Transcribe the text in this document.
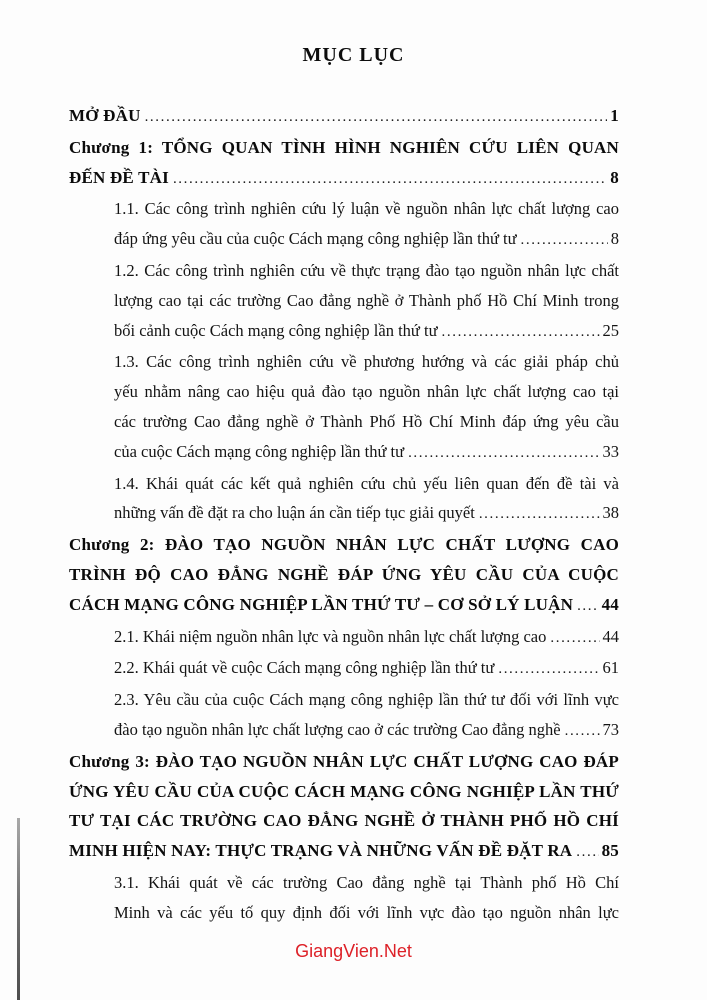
MỤC LỤC
MỞ ĐẦU .....	1
Chương 1: TỔNG QUAN TÌNH HÌNH NGHIÊN CỨU LIÊN QUAN
ĐẾN ĐỀ TÀI .....	8
1.1. Các công trình nghiên cứu lý luận về nguồn nhân lực chất lượng cao
đáp ứng yêu cầu của cuộc Cách mạng công nghiệp lần thứ tư .....	8
1.2. Các công trình nghiên cứu về thực trạng đào tạo nguồn nhân lực chất
lượng cao tại các trường Cao đẳng nghề ở Thành phố Hồ Chí Minh trong
bối cảnh cuộc Cách mạng công nghiệp lần thứ tư .....	25
1.3. Các công trình nghiên cứu về phương hướng và các giải pháp chủ
yếu nhằm nâng cao hiệu quả đào tạo nguồn nhân lực chất lượng cao tại
các trường Cao đẳng nghề ở Thành Phố Hồ Chí Minh đáp ứng yêu cầu
của cuộc Cách mạng công nghiệp lần thứ tư .....	33
1.4. Khái quát các kết quả nghiên cứu chủ yếu liên quan đến đề tài và
những vấn đề đặt ra cho luận án cần tiếp tục giải quyết .....	38
Chương 2: ĐÀO TẠO NGUỒN NHÂN LỰC CHẤT LƯỢNG CAO
TRÌNH ĐỘ CAO ĐẲNG NGHỀ ĐÁP ỨNG YÊU CẦU CỦA CUỘC
CÁCH MẠNG CÔNG NGHIỆP LẦN THỨ TƯ – CƠ SỞ LÝ LUẬN ..... 44
2.1. Khái niệm nguồn nhân lực và nguồn nhân lực chất lượng cao .....	44
2.2. Khái quát về cuộc Cách mạng công nghiệp lần thứ tư .....	61
2.3. Yêu cầu của cuộc Cách mạng công nghiệp lần thứ tư đối với lĩnh vực
đào tạo nguồn nhân lực chất lượng cao ở các trường Cao đẳng nghề .....	73
Chương 3: ĐÀO TẠO NGUỒN NHÂN LỰC CHẤT LƯỢNG CAO ĐÁP
ỨNG YÊU CẦU CỦA CUỘC CÁCH MẠNG CÔNG NGHIỆP LẦN THỨ
TƯ TẠI CÁC TRƯỜNG CAO ĐẲNG NGHỀ Ở THÀNH PHỐ HỒ CHÍ
MINH HIỆN NAY: THỰC TRẠNG VÀ NHỮNG VẤN ĐỀ ĐẶT RA ..... 85
3.1. Khái quát về các trường Cao đẳng nghề tại Thành phố Hồ Chí
Minh và các yếu tố quy định đối với lĩnh vực đào tạo nguồn nhân lực
GiangVien.Net
